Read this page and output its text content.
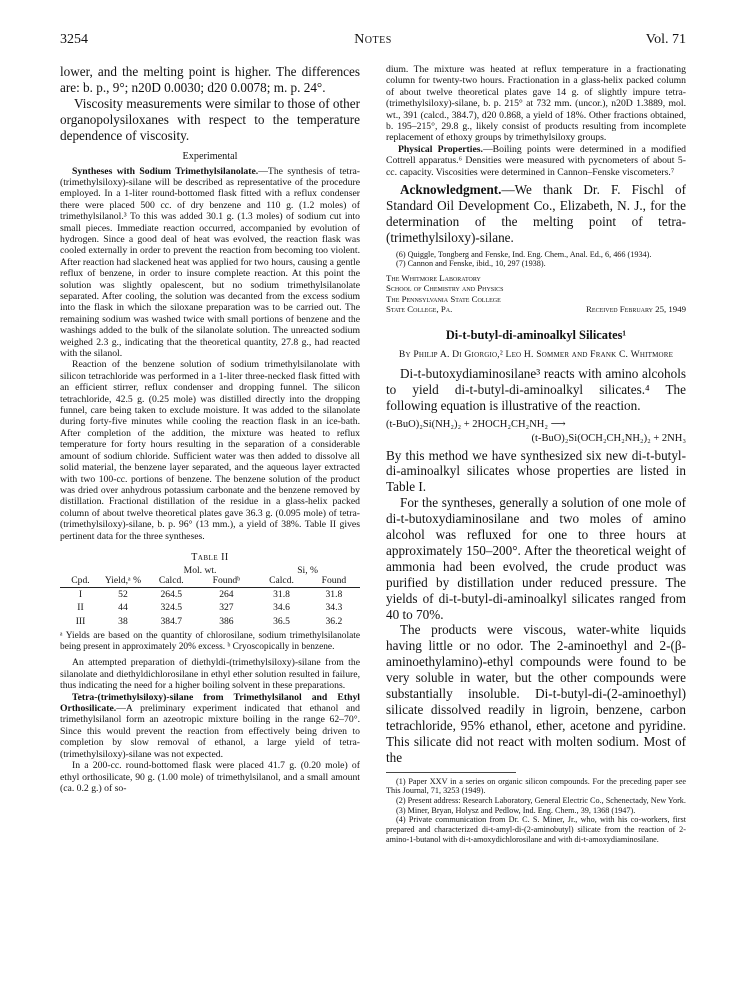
3254	Notes	Vol. 71

lower, and the melting point is higher. The differences are: b. p., 9°; n20D 0.0030; d20 0.0078; m. p. 24°.

Viscosity measurements were similar to those of other organopolysiloxanes with respect to the temperature dependence of viscosity.

Experimental

Syntheses with Sodium Trimethylsilanolate.—The synthesis of tetra-(trimethylsiloxy)-silane will be described as representative of the procedure employed. In a 1-liter round-bottomed flask fitted with a reflux condenser there were placed 500 cc. of dry benzene and 110 g. (1.2 moles) of trimethylsilanol.³ To this was added 30.1 g. (1.3 moles) of sodium cut into small pieces. Immediate reaction occurred, accompanied by evolution of hydrogen. Since a good deal of heat was evolved, the reaction flask was cooled externally in order to prevent the reaction from becoming too violent. After reaction had slackened heat was applied for two hours, causing a gentle reflux of benzene, in order to insure complete reaction. At this point the solution was slightly opalescent, but no sodium trimethylsilanolate separated. After cooling, the solution was decanted from the excess sodium into the flask in which the siloxane preparation was to be carried out. The remaining sodium was washed twice with small portions of benzene and the washings added to the bulk of the silanolate solution. The unreacted sodium weighed 2.3 g., indicating that the theoretical quantity, 27.8 g., had reacted with the silanol.

Reaction of the benzene solution of sodium trimethylsilanolate with silicon tetrachloride was performed in a 1-liter three-necked flask fitted with an efficient stirrer, reflux condenser and dropping funnel. The silicon tetrachloride, 42.5 g. (0.25 mole) was distilled directly into the dropping funnel, care being taken to exclude moisture. It was added to the silanolate during forty-five minutes while cooling the reaction flask in an ice-bath. After completion of the addition, the mixture was heated to reflux temperature for forty hours resulting in the separation of a considerable amount of sodium chloride. Sufficient water was then added to dissolve all solid material, the benzene layer separated, and the aqueous layer extracted with two 100-cc. portions of benzene. The benzene solution of the product was dried over anhydrous potassium carbonate and the benzene removed by distillation. Fractional distillation of the residue in a glass-helix packed column of about twelve theoretical plates gave 36.3 g. (0.095 mole) of tetra-(trimethylsiloxy)-silane, b. p. 96° (13 mm.), a yield of 38%. Table II gives pertinent data for the three syntheses.

Table II
Cpd.	Yield,ᵃ %	Mol. wt.		Si, %	
		Calcd.	Foundᵇ	Calcd.	Found
I	52	264.5	264	31.8	31.8
II	44	324.5	327	34.6	34.3
III	38	384.7	386	36.5	36.2

ᵃ Yields are based on the quantity of chlorosilane, sodium trimethylsilanolate being present in approximately 20% excess. ᵇ Cryoscopically in benzene.

An attempted preparation of diethyldi-(trimethylsiloxy)-silane from the silanolate and diethyldichlorosilane in ethyl ether solution resulted in failure, thus indicating the need for a higher boiling solvent in these preparations.

Tetra-(trimethylsiloxy)-silane from Trimethylsilanol and Ethyl Orthosilicate.—A preliminary experiment indicated that ethanol and trimethylsilanol form an azeotropic mixture boiling in the range 62–70°. Since this would prevent the reaction from effectively being driven to completion by slow removal of ethanol, a large yield of tetra-(trimethylsiloxy)-silane was not expected.

In a 200-cc. round-bottomed flask were placed 41.7 g. (0.20 mole) of ethyl orthosilicate, 90 g. (1.00 mole) of trimethylsilanol, and a small amount (ca. 0.2 g.) of so-

dium. The mixture was heated at reflux temperature in a fractionating column for twenty-two hours. Fractionation in a glass-helix packed column of about twelve theoretical plates gave 14 g. of slightly impure tetra-(trimethylsiloxy)-silane, b. p. 215° at 732 mm. (uncor.), n20D 1.3889, mol. wt., 391 (calcd., 384.7), d20 0.868, a yield of 18%. Other fractions obtained, b. 195–215°, 29.8 g., likely consist of products resulting from incomplete replacement of ethoxy groups by trimethylsiloxy groups.

Physical Properties.—Boiling points were determined in a modified Cottrell apparatus.⁶ Densities were measured with pycnometers of about 5-cc. capacity. Viscosities were determined in Cannon–Fenske viscometers.⁷

Acknowledgment.—We thank Dr. F. Fischl of Standard Oil Development Co., Elizabeth, N. J., for the determination of the melting point of tetra-(trimethylsiloxy)-silane.

(6) Quiggle, Tongberg and Fenske, Ind. Eng. Chem., Anal. Ed., 6, 466 (1934).

(7) Cannon and Fenske, ibid., 10, 297 (1938).

The Whitmore Laboratory
School of Chemistry and Physics
The Pennsylvania State College
State College, Pa.	Received February 25, 1949
Di-t-butyl-di-aminoalkyl Silicates¹
By Philip A. Di Giorgio,² Leo H. Sommer and Frank C. Whitmore

Di-t-butoxydiaminosilane³ reacts with amino alcohols to yield di-t-butyl-di-aminoalkyl silicates.⁴ The following equation is illustrative of the reaction.

(t-BuO)₂Si(NH₂)₂ + 2HOCH₂CH₂NH₂ ⟶
(t-BuO)₂Si(OCH₂CH₂NH₂)₂ + 2NH₃

By this method we have synthesized six new di-t-butyl-di-aminoalkyl silicates whose properties are listed in Table I.

For the syntheses, generally a solution of one mole of di-t-butoxydiaminosilane and two moles of amino alcohol was refluxed for one to three hours at approximately 150–200°. After the theoretical weight of ammonia had been evolved, the crude product was purified by distillation under reduced pressure. The yields of di-t-butyl-di-aminoalkyl silicates ranged from 40 to 70%.

The products were viscous, water-white liquids having little or no odor. The 2-aminoethyl and 2-(β-aminoethylamino)-ethyl compounds were found to be very soluble in water, but the other compounds were substantially insoluble. Di-t-butyl-di-(2-aminoethyl) silicate dissolved readily in ligroin, benzene, carbon tetrachloride, 95% ethanol, ether, acetone and pyridine. This silicate did not react with molten sodium. Most of the

(1) Paper XXV in a series on organic silicon compounds. For the preceding paper see This Journal, 71, 3253 (1949).

(2) Present address: Research Laboratory, General Electric Co., Schenectady, New York.

(3) Miner, Bryan, Holysz and Pedlow, Ind. Eng. Chem., 39, 1368 (1947).

(4) Private communication from Dr. C. S. Miner, Jr., who, with his co-workers, first prepared and characterized di-t-amyl-di-(2-aminobutyl) silicate from the reaction of 2-amino-1-butanol with di-t-amoxydichlorosilane and with di-t-amoxydiaminosilane.
